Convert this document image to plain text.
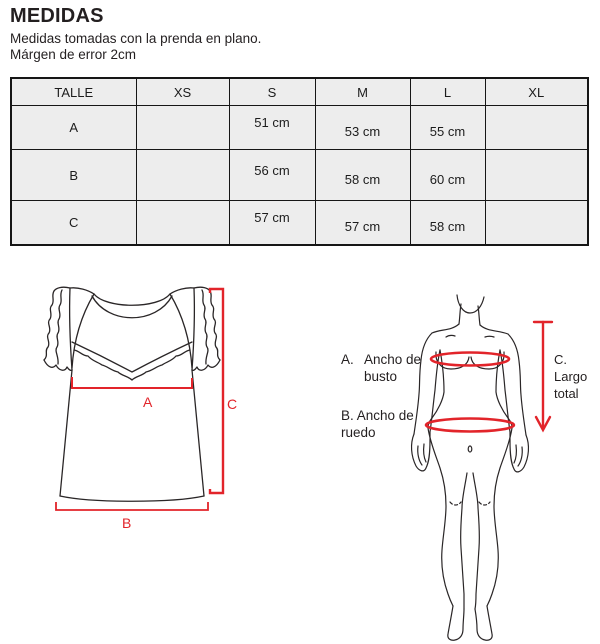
MEDIDAS
Medidas tomadas con la prenda en plano.
Márgen de error 2cm
TALLE	XS	S	M	L	XL
A		51 cm	53 cm	55 cm	
B		56 cm	58 cm	60 cm	
C		57 cm	57 cm	58 cm	
A
B
C
A. Ancho de
busto
B. Ancho de
ruedo
C. Largo
total
